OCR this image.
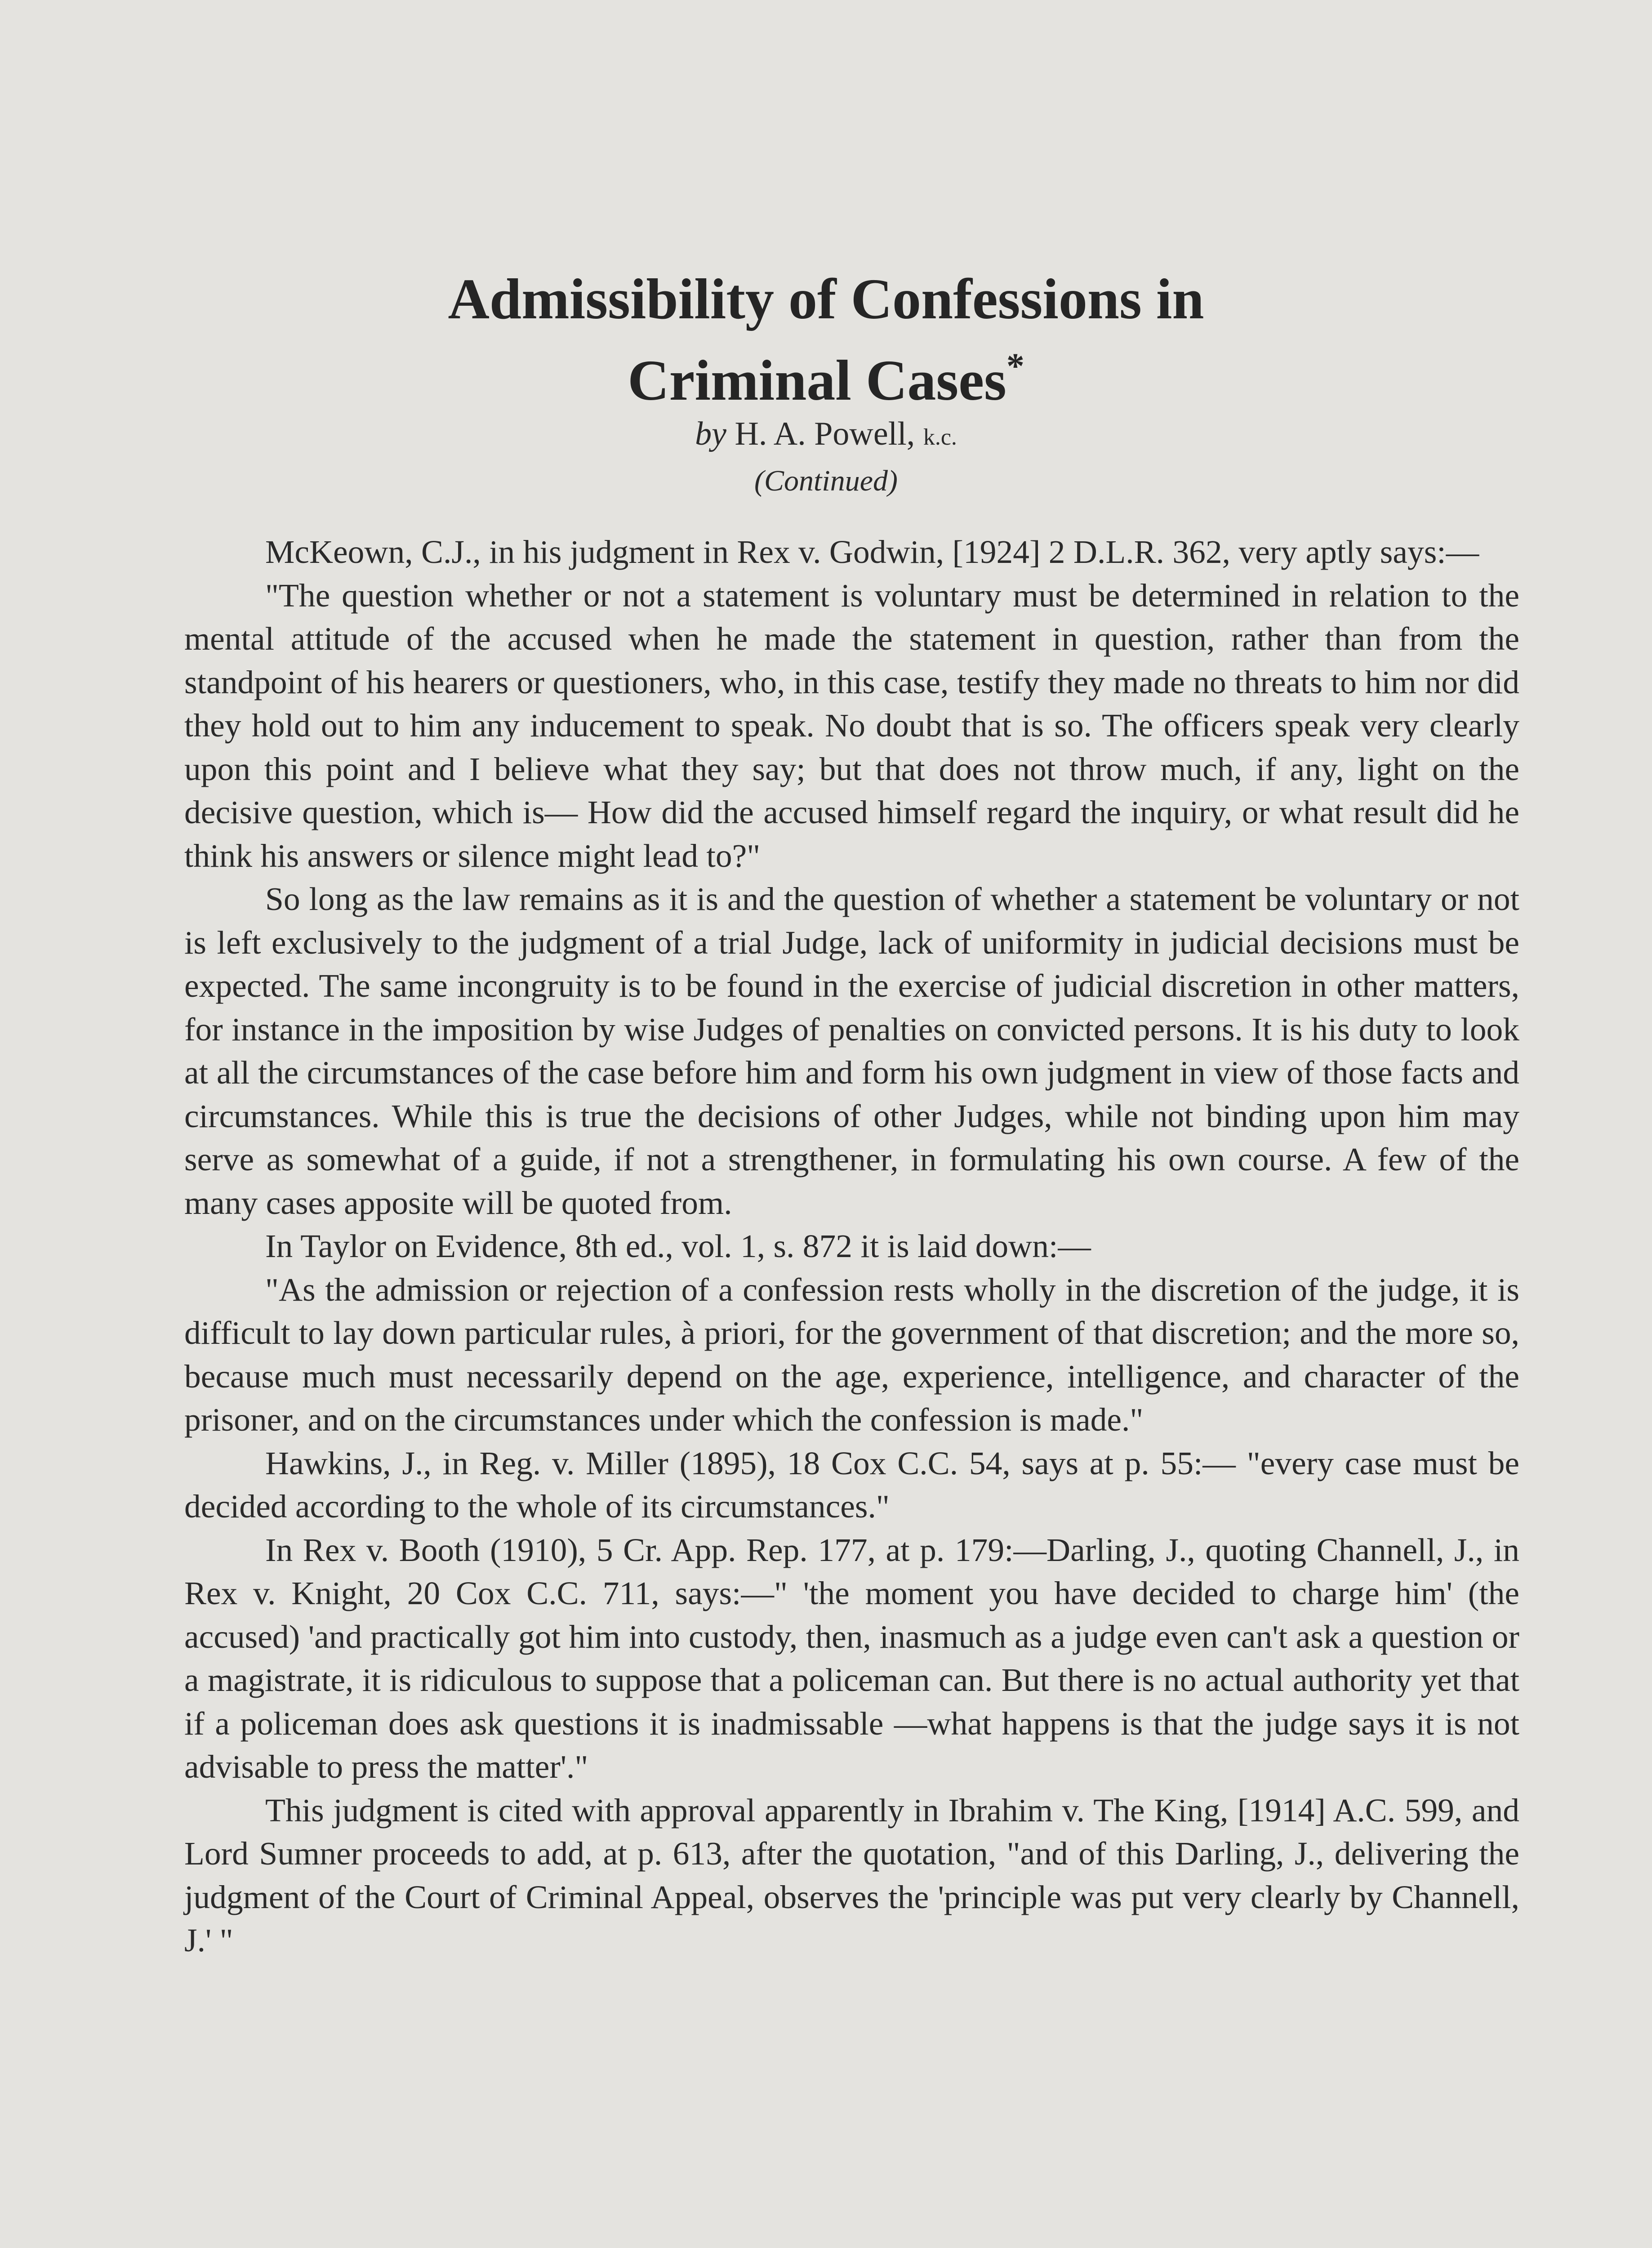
Admissibility of Confessions in
Criminal Cases*
by H. A. Powell, k.c.
(Continued)

McKeown, C.J., in his judgment in Rex v. Godwin, [1924] 2 D.L.R. 362, very aptly says:—

"The question whether or not a statement is voluntary must be determined in relation to the mental attitude of the accused when he made the statement in question, rather than from the standpoint of his hearers or questioners, who, in this case, testify they made no threats to him nor did they hold out to him any inducement to speak. No doubt that is so. The officers speak very clearly upon this point and I believe what they say; but that does not throw much, if any, light on the decisive question, which is— How did the accused himself regard the inquiry, or what result did he think his answers or silence might lead to?"

So long as the law remains as it is and the question of whether a statement be voluntary or not is left exclusively to the judgment of a trial Judge, lack of uniformity in judicial decisions must be expected. The same incongruity is to be found in the exercise of judicial discretion in other matters, for instance in the imposition by wise Judges of penalties on convicted persons. It is his duty to look at all the circumstances of the case before him and form his own judgment in view of those facts and circumstances. While this is true the decisions of other Judges, while not binding upon him may serve as somewhat of a guide, if not a strengthener, in formulating his own course. A few of the many cases apposite will be quoted from.

In Taylor on Evidence, 8th ed., vol. 1, s. 872 it is laid down:—

"As the admission or rejection of a confession rests wholly in the discretion of the judge, it is difficult to lay down particular rules, à priori, for the government of that discretion; and the more so, because much must necessarily depend on the age, experience, intelligence, and character of the prisoner, and on the circumstances under which the confession is made."

Hawkins, J., in Reg. v. Miller (1895), 18 Cox C.C. 54, says at p. 55:— "every case must be decided according to the whole of its circumstances."

In Rex v. Booth (1910), 5 Cr. App. Rep. 177, at p. 179:—Darling, J., quoting Channell, J., in Rex v. Knight, 20 Cox C.C. 711, says:—" 'the moment you have decided to charge him' (the accused) 'and practically got him into custody, then, inasmuch as a judge even can't ask a question or a magistrate, it is ridiculous to suppose that a policeman can. But there is no actual authority yet that if a policeman does ask questions it is inadmissable —what happens is that the judge says it is not advisable to press the matter'."

This judgment is cited with approval apparently in Ibrahim v. The King, [1914] A.C. 599, and Lord Sumner proceeds to add, at p. 613, after the quotation, "and of this Darling, J., delivering the judgment of the Court of Criminal Appeal, observes the 'principle was put very clearly by Channell, J.' "
